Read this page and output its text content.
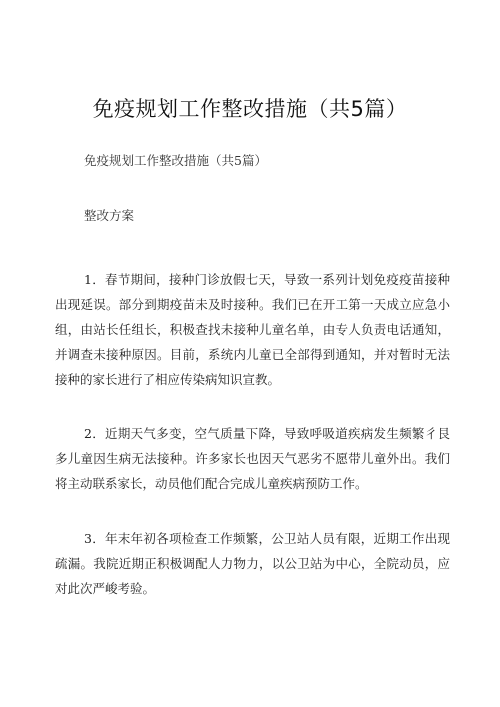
免疫规划工作整改措施（共5篇）
免疫规划工作整改措施（共5篇）
整改方案

1．春节期间，接种门诊放假七天，导致一系列计划免疫疫苗接种出现延误。部分到期疫苗未及时接种。我们已在开工第一天成立应急小组，由站长任组长，积极查找未接种儿童名单，由专人负责电话通知，并调查未接种原因。目前，系统内儿童已全部得到通知，并对暂时无法接种的家长进行了相应传染病知识宣教。

2．近期天气多变，空气质量下降，导致呼吸道疾病发生频繁彳艮多儿童因生病无法接种。许多家长也因天气恶劣不愿带儿童外出。我们将主动联系家长，动员他们配合完成儿童疾病预防工作。

3．年末年初各项检查工作频繁，公卫站人员有限，近期工作出现疏漏。我院近期正积极调配人力物力，以公卫站为中心，全院动员，应对此次严峻考验。
